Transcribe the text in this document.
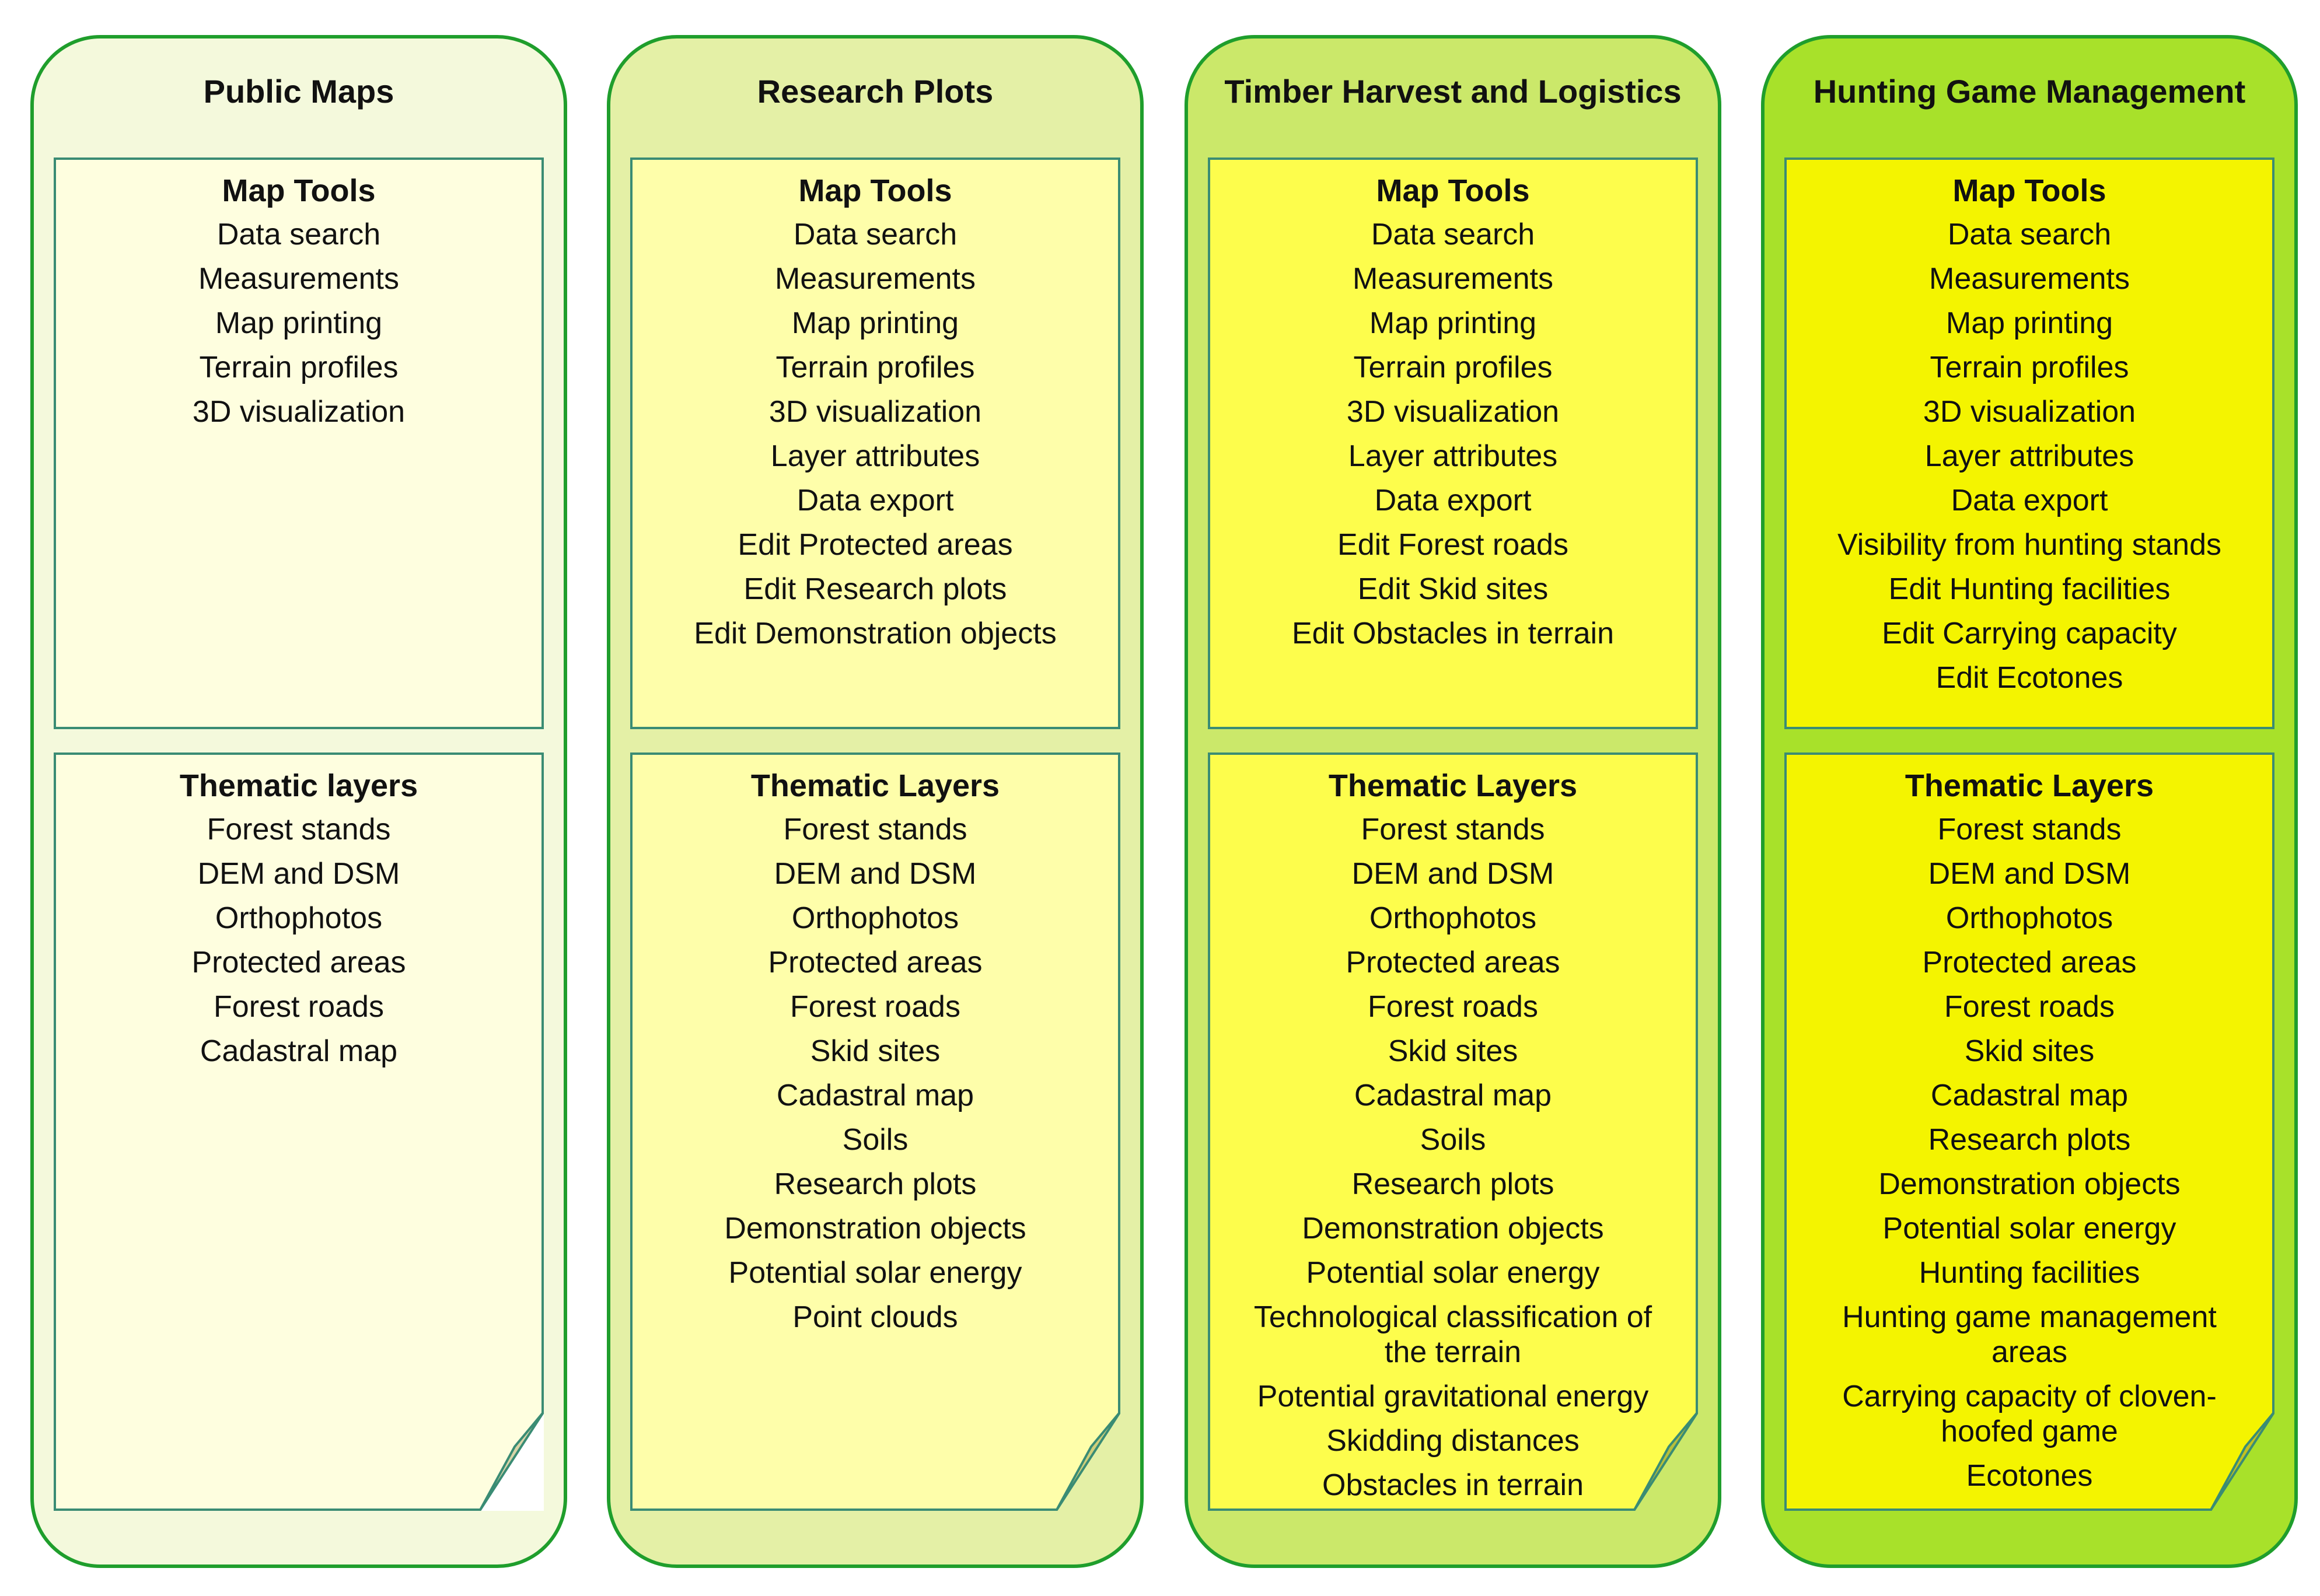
Public Maps
Map Tools
Data search
Measurements
Map printing
Terrain profiles
3D visualization
Thematic layers
Forest stands
DEM and DSM
Orthophotos
Protected areas
Forest roads
Cadastral map
Research Plots
Map Tools
Data search
Measurements
Map printing
Terrain profiles
3D visualization
Layer attributes
Data export
Edit Protected areas
Edit Research plots
Edit Demonstration objects
Thematic Layers
Forest stands
DEM and DSM
Orthophotos
Protected areas
Forest roads
Skid sites
Cadastral map
Soils
Research plots
Demonstration objects
Potential solar energy
Point clouds
Timber Harvest and Logistics
Map Tools
Data search
Measurements
Map printing
Terrain profiles
3D visualization
Layer attributes
Data export
Edit Forest roads
Edit Skid sites
Edit Obstacles in terrain
Thematic Layers
Forest stands
DEM and DSM
Orthophotos
Protected areas
Forest roads
Skid sites
Cadastral map
Soils
Research plots
Demonstration objects
Potential solar energy
Technological classification of the terrain
Potential gravitational energy
Skidding distances
Obstacles in terrain
Hunting Game Management
Map Tools
Data search
Measurements
Map printing
Terrain profiles
3D visualization
Layer attributes
Data export
Visibility from hunting stands
Edit Hunting facilities
Edit Carrying capacity
Edit Ecotones
Thematic Layers
Forest stands
DEM and DSM
Orthophotos
Protected areas
Forest roads
Skid sites
Cadastral map
Research plots
Demonstration objects
Potential solar energy
Hunting facilities
Hunting game management areas
Carrying capacity of cloven-hoofed game
Ecotones
